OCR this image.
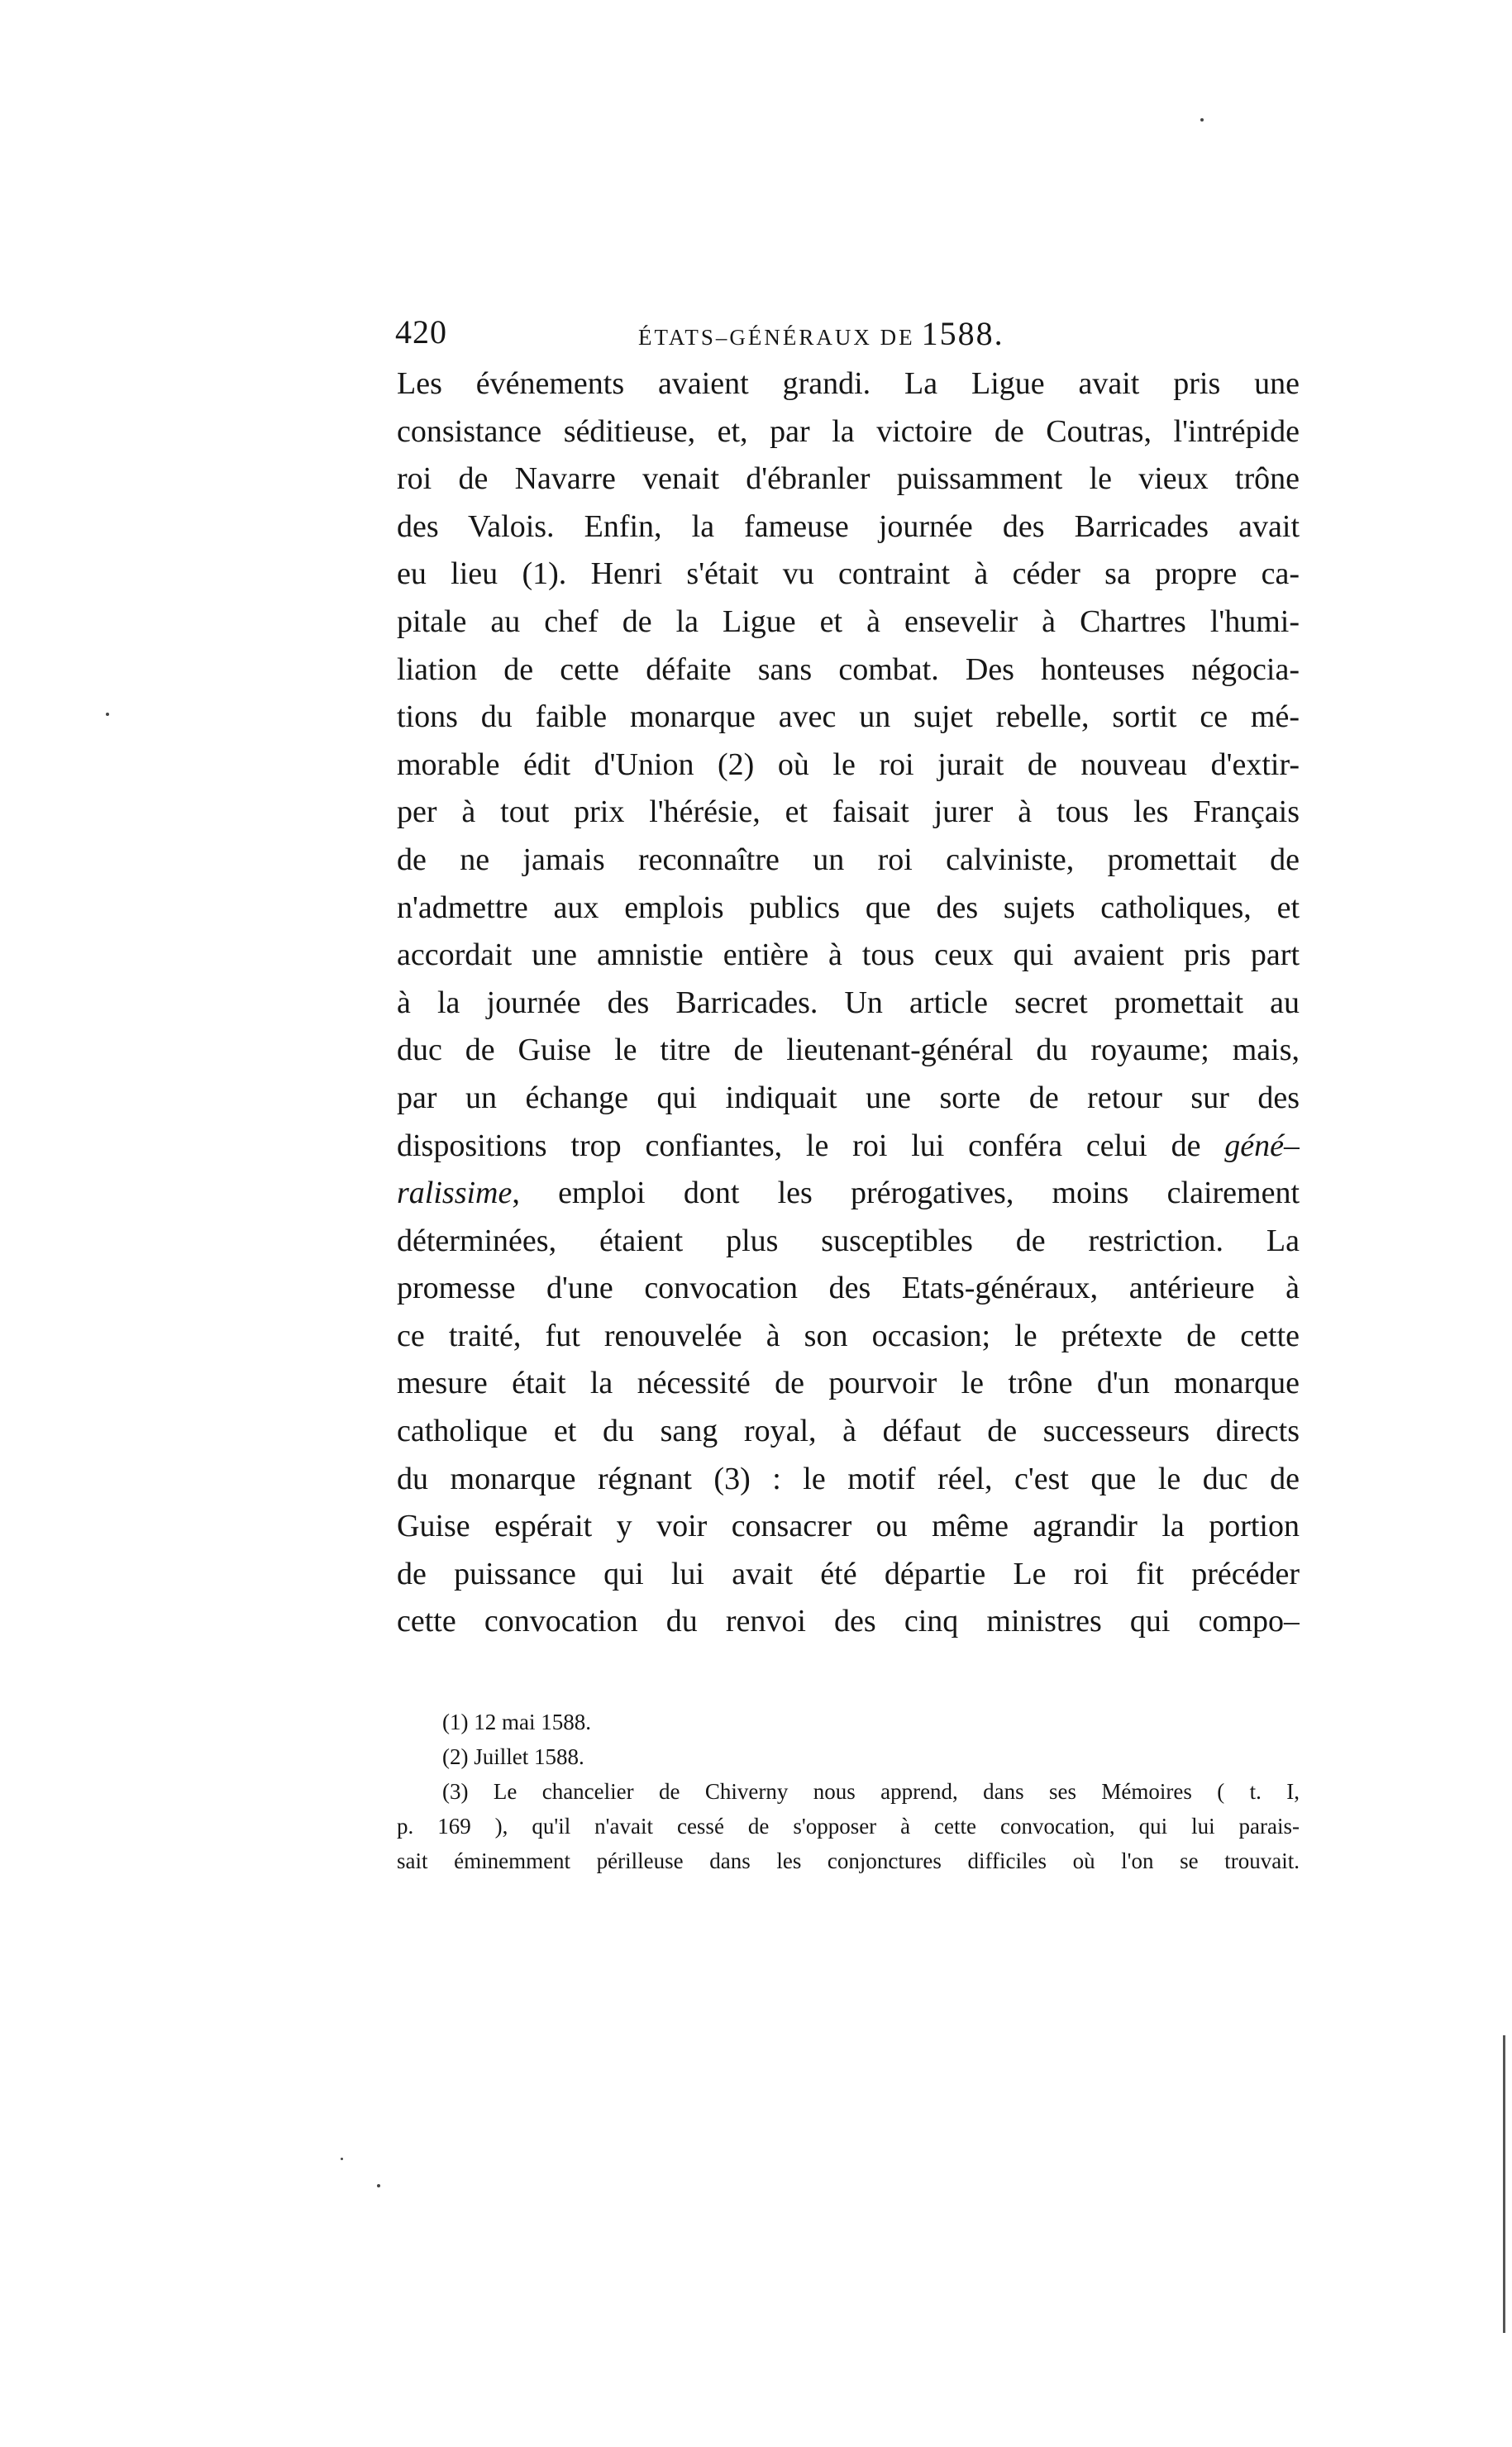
420	ÉTATS–GÉNÉRAUX DE 1588.
Les événements avaient grandi. La Ligue avait pris une
consistance séditieuse, et, par la victoire de Coutras, l'intrépide
roi de Navarre venait d'ébranler puissamment le vieux trône
des Valois. Enfin, la fameuse journée des Barricades avait
eu lieu (1). Henri s'était vu contraint à céder sa propre ca-
pitale au chef de la Ligue et à ensevelir à Chartres l'humi-
liation de cette défaite sans combat. Des honteuses négocia-
tions du faible monarque avec un sujet rebelle, sortit ce mé-
morable édit d'Union (2) où le roi jurait de nouveau d'extir-
per à tout prix l'hérésie, et faisait jurer à tous les Français
de ne jamais reconnaître un roi calviniste, promettait de
n'admettre aux emplois publics que des sujets catholiques, et
accordait une amnistie entière à tous ceux qui avaient pris part
à la journée des Barricades. Un article secret promettait au
duc de Guise le titre de lieutenant-général du royaume; mais,
par un échange qui indiquait une sorte de retour sur des
dispositions trop confiantes, le roi lui conféra celui de géné–
ralissime, emploi dont les prérogatives, moins clairement
déterminées, étaient plus susceptibles de restriction. La
promesse d'une convocation des Etats-généraux, antérieure à
ce traité, fut renouvelée à son occasion; le prétexte de cette
mesure était la nécessité de pourvoir le trône d'un monarque
catholique et du sang royal, à défaut de successeurs directs
du monarque régnant (3) : le motif réel, c'est que le duc de
Guise espérait y voir consacrer ou même agrandir la portion
de puissance qui lui avait été départie Le roi fit précéder
cette convocation du renvoi des cinq ministres qui compo–
(1) 12 mai 1588.
(2) Juillet 1588.
(3) Le chancelier de Chiverny nous apprend, dans ses Mémoires ( t. I,
p. 169 ), qu'il n'avait cessé de s'opposer à cette convocation, qui lui parais-
sait éminemment périlleuse dans les conjonctures difficiles où l'on se trouvait.
